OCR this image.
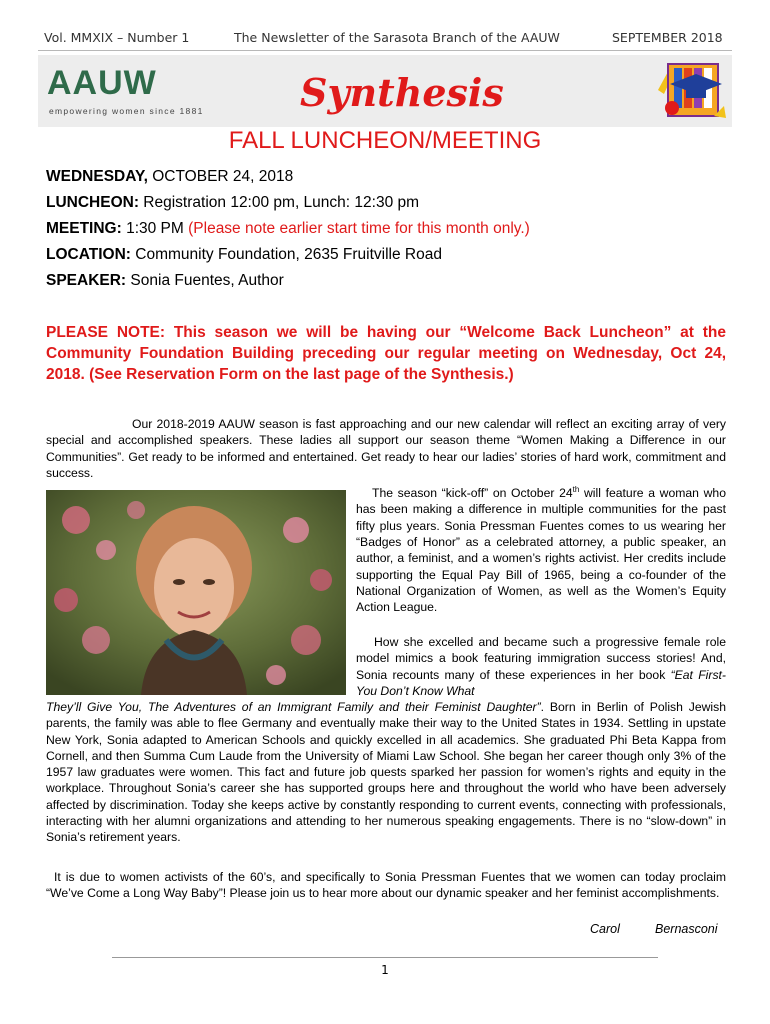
Vol. MMXIX – Number 1	The Newsletter of the Sarasota Branch of the AAUW	SEPTEMBER 2018
AAUW
empowering women since 1881	Synthesis
FALL LUNCHEON/MEETING
WEDNESDAY, OCTOBER 24, 2018
LUNCHEON: Registration 12:00 pm, Lunch: 12:30 pm
MEETING: 1:30 PM (Please note earlier start time for this month only.)
LOCATION: Community Foundation, 2635 Fruitville Road
SPEAKER: Sonia Fuentes, Author
PLEASE NOTE: This season we will be having our “Welcome Back Luncheon” at the Community Foundation Building preceding our regular meeting on Wednesday, Oct 24, 2018. (See Reservation Form on the last page of the Synthesis.)
Our 2018-2019 AAUW season is fast approaching and our new calendar will reflect an exciting array of very special and accomplished speakers. These ladies all support our season theme “Women Making a Difference in our Communities”. Get ready to be informed and entertained. Get ready to hear our ladies’ stories of hard work, commitment and success.
The season “kick-off” on October 24th will feature a woman who has been making a difference in multiple communities for the past fifty plus years. Sonia Pressman Fuentes comes to us wearing her “Badges of Honor” as a celebrated attorney, a public speaker, an author, a feminist, and a women’s rights activist. Her credits include supporting the Equal Pay Bill of 1965, being a co-founder of the National Organization of Women, as well as the Women’s Equity Action League.
How she excelled and became such a progressive female role model mimics a book featuring immigration success stories! And, Sonia recounts many of these experiences in her book “Eat First-You Don’t Know What
They’ll Give You, The Adventures of an Immigrant Family and their Feminist Daughter”. Born in Berlin of Polish Jewish parents, the family was able to flee Germany and eventually make their way to the United States in 1934. Settling in upstate New York, Sonia adapted to American Schools and quickly excelled in all academics. She graduated Phi Beta Kappa from Cornell, and then Summa Cum Laude from the University of Miami Law School. She began her career though only 3% of the 1957 law graduates were women. This fact and future job quests sparked her passion for women’s rights and equity in the workplace. Throughout Sonia’s career she has supported groups here and throughout the world who have been adversely affected by discrimination. Today she keeps active by constantly responding to current events, connecting with professionals, interacting with her alumni organizations and attending to her numerous speaking engagements. There is no “slow-down” in Sonia’s retirement years.
It is due to women activists of the 60’s, and specifically to Sonia Pressman Fuentes that we women can today proclaim “We’ve Come a Long Way Baby”! Please join us to hear more about our dynamic speaker and her feminist accomplishments.
Carol	Bernasconi
1
